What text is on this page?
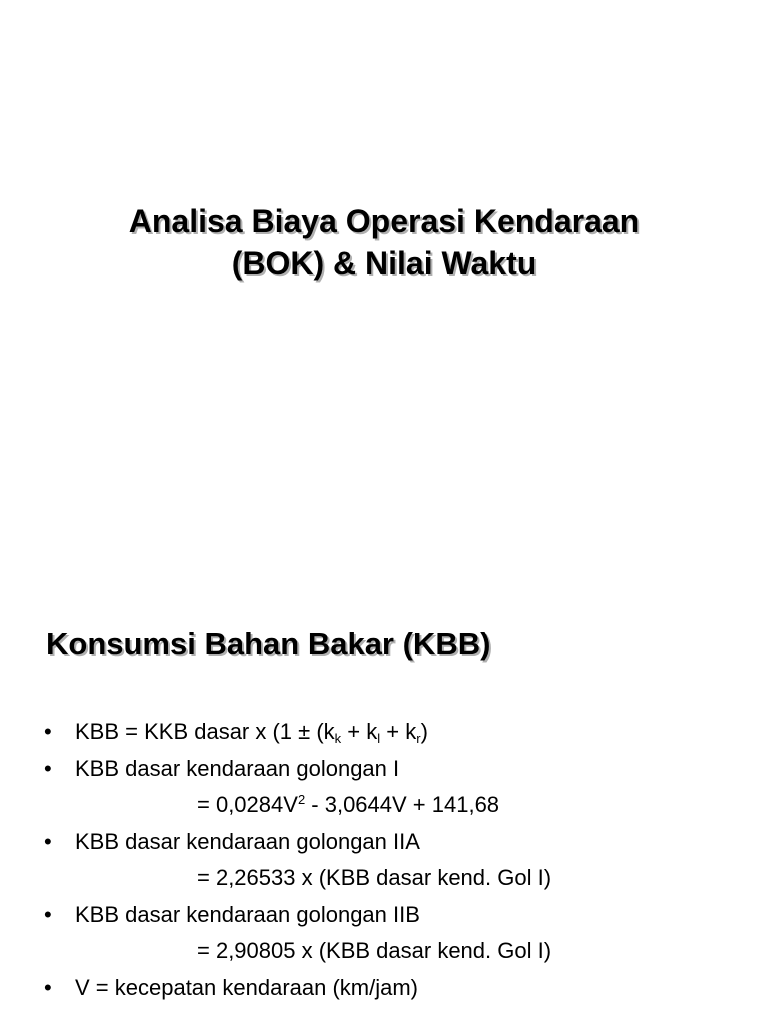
Analisa Biaya Operasi Kendaraan
(BOK) & Nilai Waktu
Konsumsi Bahan Bakar (KBB)
• KBB = KKB dasar x ($1 \pm (k_k + k_l + k_r)$
• KBB dasar kendaraan golongan I
= $0,0284V^2 - 3,0644V + 141,68$
• KBB dasar kendaraan golongan IIA
= 2,26533 x (KBB dasar kend. Gol I)
• KBB dasar kendaraan golongan IIB
= 2,90805 x (KBB dasar kend. Gol I)
• V = kecepatan kendaraan (km/jam)
